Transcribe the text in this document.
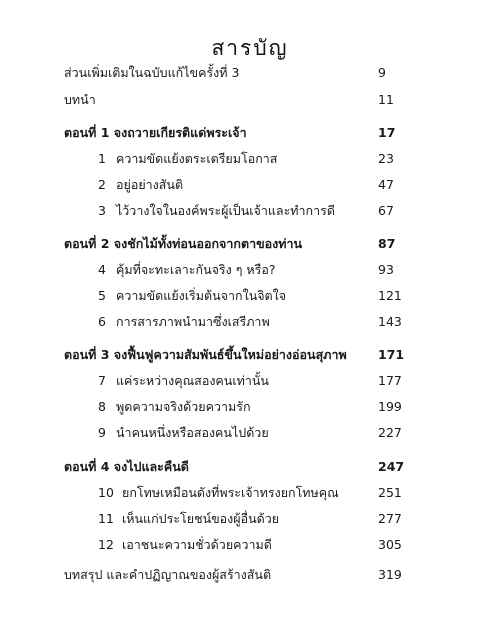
สารบัญ
ส่วนเพิ่มเติมในฉบับแก้ไขครั้งที่ 3	9
บทนำ	11
ตอนที่ 1 จงถวายเกียรติแด่พระเจ้า	17
1 ความขัดแย้งตระเตรียมโอกาส	23
2 อยู่อย่างสันติ	47
3 ไว้วางใจในองค์พระผู้เป็นเจ้าและทำการดี	67
ตอนที่ 2 จงชักไม้ทั้งท่อนออกจากตาของท่าน	87
4 คุ้มที่จะทะเลาะกันจริง ๆ หรือ?	93
5 ความขัดแย้งเริ่มต้นจากในจิตใจ	121
6 การสารภาพนำมาซึ่งเสรีภาพ	143
ตอนที่ 3 จงฟื้นฟูความสัมพันธ์ขึ้นใหม่อย่างอ่อนสุภาพ	171
7 แค่ระหว่างคุณสองคนเท่านั้น	177
8 พูดความจริงด้วยความรัก	199
9 นำคนหนึ่งหรือสองคนไปด้วย	227
ตอนที่ 4 จงไปและคืนดี	247
10 ยกโทษเหมือนดังที่พระเจ้าทรงยกโทษคุณ	251
11 เห็นแก่ประโยชน์ของผู้อื่นด้วย	277
12 เอาชนะความชั่วด้วยความดี	305
บทสรุป และคำปฏิญาณของผู้สร้างสันติ	319
